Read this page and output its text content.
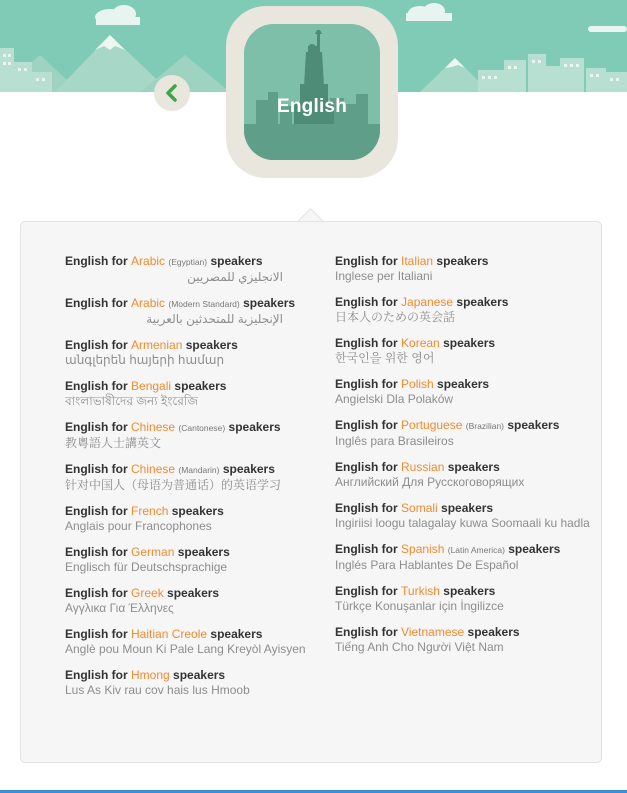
English
English for Arabic (Egyptian) speakers
الانجليزي للمصريين
English for Arabic (Modern Standard) speakers
الإنجليزية للمتحدثين بالعربية
English for Armenian speakers
անգլերեն հայերի համար
English for Bengali speakers
বাংলাভাষীদের জন্য ইংরেজি
English for Chinese (Cantonese) speakers
教粵語人士講英文
English for Chinese (Mandarin) speakers
针对中国人（母语为普通话）的英语学习
English for French speakers
Anglais pour Francophones
English for German speakers
Englisch für Deutschsprachige
English for Greek speakers
Αγγλικα Για Έλληνες
English for Haitian Creole speakers
Anglè pou Moun Ki Pale Lang Kreyòl Ayisyen
English for Hmong speakers
Lus As Kiv rau cov hais lus Hmoob
English for Italian speakers
Inglese per Italiani
English for Japanese speakers
日本人のための英会話
English for Korean speakers
한국인을 위한 영어
English for Polish speakers
Angielski Dla Polaków
English for Portuguese (Brazilian) speakers
Inglês para Brasileiros
English for Russian speakers
Английский Для Русскоговорящих
English for Somali speakers
Ingiriisi loogu talagalay kuwa Soomaali ku hadla
English for Spanish (Latin America) speakers
Inglés Para Hablantes De Español
English for Turkish speakers
Türkçe Konuşanlar için İngilizce
English for Vietnamese speakers
Tiếng Anh Cho Người Việt Nam
